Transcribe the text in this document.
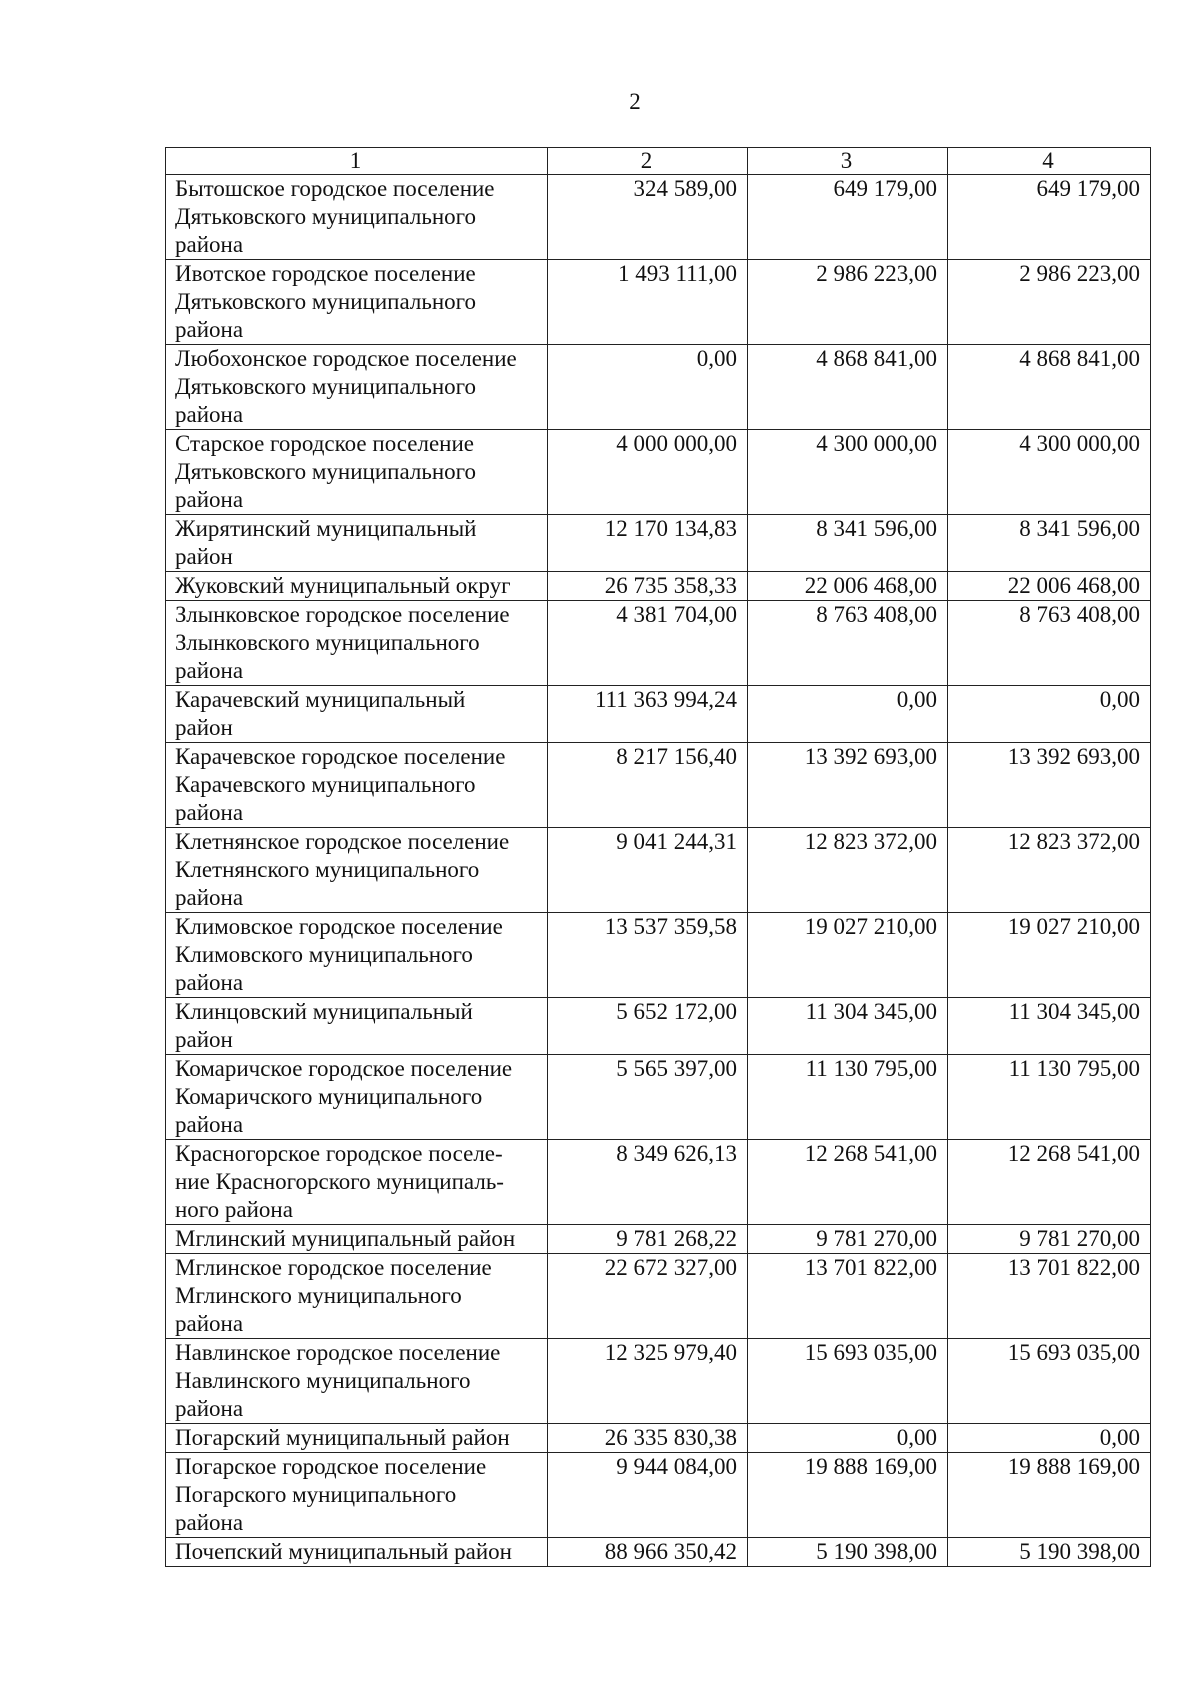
2
1	2	3	4

Бытошское городское поселение
Дятьковского муниципального
района	324 589,00	649 179,00	649 179,00

Ивотское городское поселение
Дятьковского муниципального
района	1 493 111,00	2 986 223,00	2 986 223,00

Любохонское городское поселение
Дятьковского муниципального
района	0,00	4 868 841,00	4 868 841,00

Старское городское поселение
Дятьковского муниципального
района	4 000 000,00	4 300 000,00	4 300 000,00

Жирятинский муниципальный
район	12 170 134,83	8 341 596,00	8 341 596,00

Жуковский муниципальный округ	26 735 358,33	22 006 468,00	22 006 468,00

Злынковское городское поселение
Злынковского муниципального
района	4 381 704,00	8 763 408,00	8 763 408,00

Карачевский муниципальный
район	111 363 994,24	0,00	0,00

Карачевское городское поселение
Карачевского муниципального
района	8 217 156,40	13 392 693,00	13 392 693,00

Клетнянское городское поселение
Клетнянского муниципального
района	9 041 244,31	12 823 372,00	12 823 372,00

Климовское городское поселение
Климовского муниципального
района	13 537 359,58	19 027 210,00	19 027 210,00

Клинцовский муниципальный
район	5 652 172,00	11 304 345,00	11 304 345,00

Комаричское городское поселение
Комаричского муниципального
района	5 565 397,00	11 130 795,00	11 130 795,00

Красногорское городское поселе-
ние Красногорского муниципаль-
ного района	8 349 626,13	12 268 541,00	12 268 541,00

Мглинский муниципальный район	9 781 268,22	9 781 270,00	9 781 270,00

Мглинское городское поселение
Мглинского муниципального
района	22 672 327,00	13 701 822,00	13 701 822,00

Навлинское городское поселение
Навлинского муниципального
района	12 325 979,40	15 693 035,00	15 693 035,00

Погарский муниципальный район	26 335 830,38	0,00	0,00

Погарское городское поселение
Погарского муниципального
района	9 944 084,00	19 888 169,00	19 888 169,00

Почепский муниципальный район	88 966 350,42	5 190 398,00	5 190 398,00
